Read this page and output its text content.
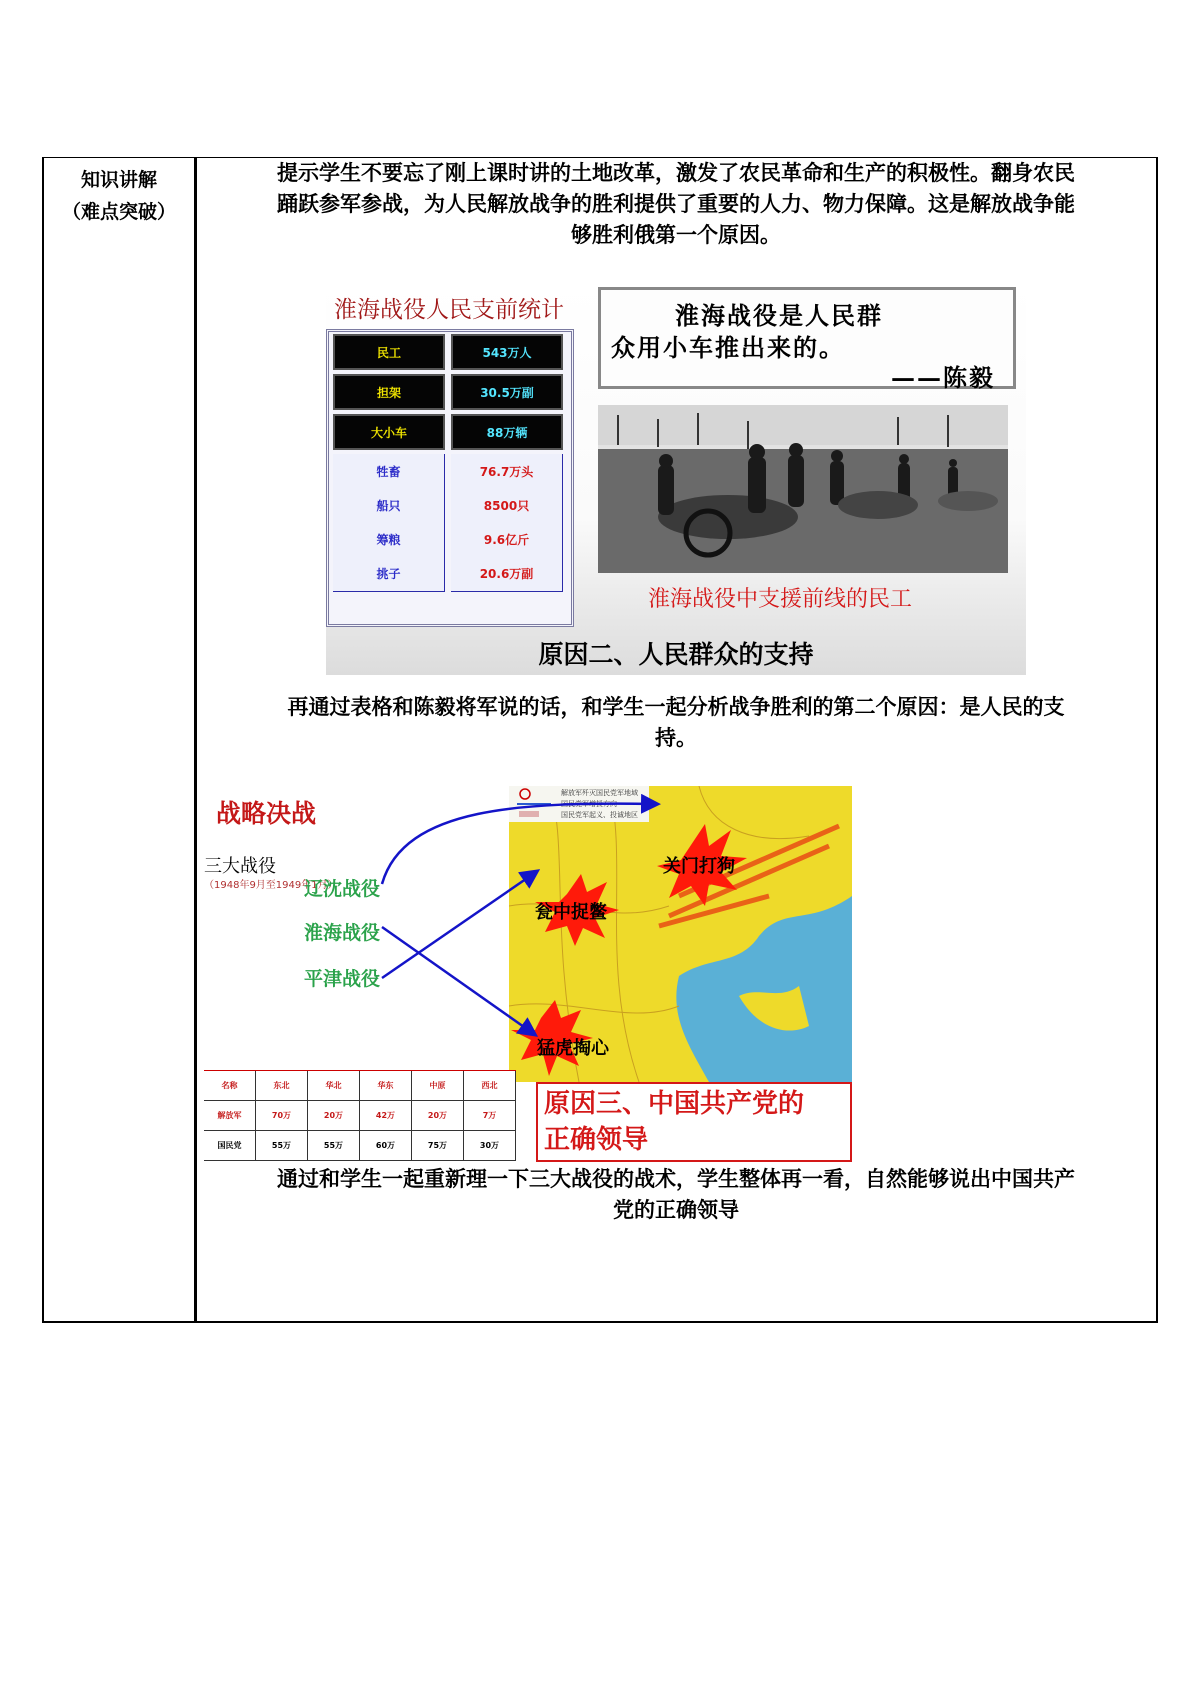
知识讲解
（难点突破）
提示学生不要忘了刚上课时讲的土地改革，激发了农民革命和生产的积极性。翻身农民
踊跃参军参战，为人民解放战争的胜利提供了重要的人力、物力保障。这是解放战争能
够胜利俄第一个原因。
淮海战役人民支前统计
民工	543万人
担架	30.5万副
大小车	88万辆
牲畜	76.7万头
船只	8500只
筹粮	9.6亿斤
挑子	20.6万副
淮海战役是人民群
众用小车推出来的。
——陈毅
淮海战役中支援前线的民工
原因二、人民群众的支持
再通过表格和陈毅将军说的话，和学生一起分析战争胜利的第二个原因：是人民的支
持。
战略决战
三大战役
（1948年9月至1949年1月）
解放军歼灭国民党军地域
国民党军增援方向
国民党军起义、投诚地区
关门打狗
瓮中捉鳖
猛虎掏心
辽沈战役
淮海战役
平津战役
名称	东北	华北	华东	中原	西北
解放军	70万	20万	42万	20万	7万
国民党	55万	55万	60万	75万	30万
原因三、中国共产党的
正确领导
通过和学生一起重新理一下三大战役的战术，学生整体再一看，自然能够说出中国共产
党的正确领导
